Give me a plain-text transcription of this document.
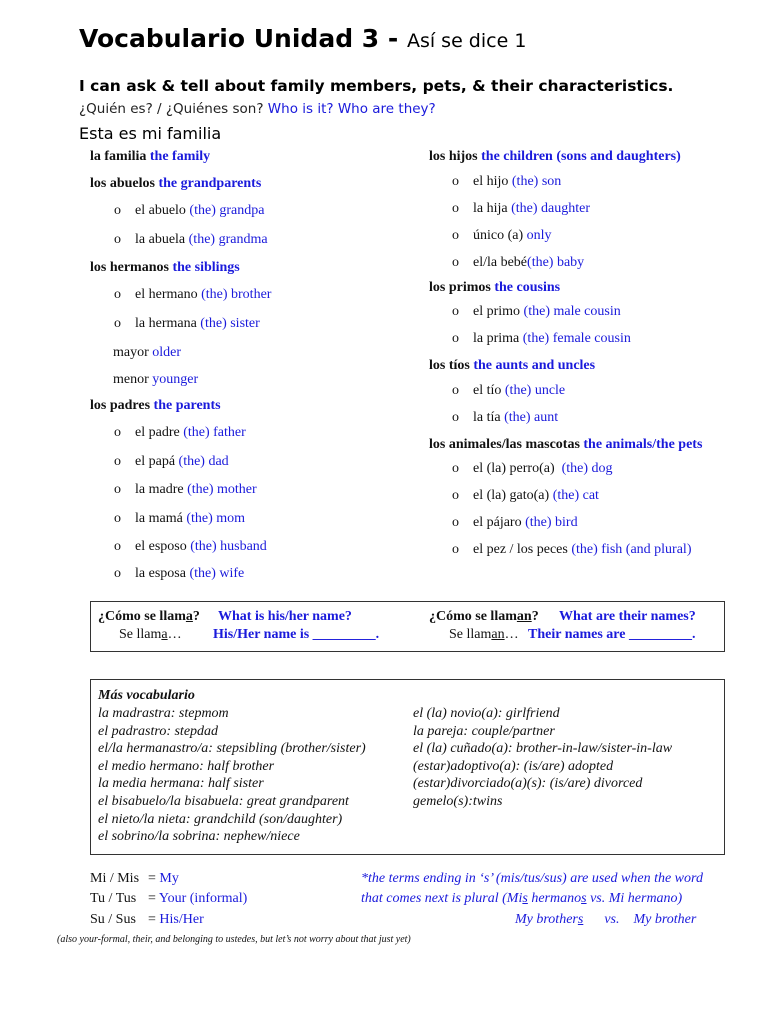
Vocabulario Unidad 3 - Así se dice 1
I can ask & tell about family members, pets, & their characteristics.
¿Quién es? / ¿Quiénes son? Who is it? Who are they?
Esta es mi familia
la familia the family
los abuelos the grandparents
o el abuelo (the) grandpa
o la abuela (the) grandma
los hermanos the siblings
o el hermano (the) brother
o la hermana (the) sister
mayor older
menor younger
los padres the parents
o el padre (the) father
o el papá (the) dad
o la madre (the) mother
o la mamá (the) mom
o el esposo (the) husband
o la esposa (the) wife
los hijos the children (sons and daughters)
o el hijo (the) son
o la hija (the) daughter
o único (a) only
o el/la bebé(the) baby
los primos the cousins
o el primo (the) male cousin
o la prima (the) female cousin
los tíos the aunts and uncles
o el tío (the) uncle
o la tía (the) aunt
los animales/las mascotas the animals/the pets
o el (la) perro(a)  (the) dog
o el (la) gato(a) (the) cat
o el pájaro (the) bird
o el pez / los peces (the) fish (and plural)
¿Cómo se llama? What is his/her name?
Se llama… His/Her name is _________.
¿Cómo se llaman? What are their names?
Se llaman… Their names are _________.
Más vocabulario
la madrastra: stepmom
el padrastro: stepdad
el/la hermanastro/a: stepsibling (brother/sister)
el medio hermano: half brother
la media hermana: half sister
el bisabuelo/la bisabuela: great grandparent
el nieto/la nieta: grandchild (son/daughter)
el sobrino/la sobrina: nephew/niece
el (la) novio(a): girlfriend
la pareja: couple/partner
el (la) cuñado(a): brother-in-law/sister-in-law
(estar)adoptivo(a): (is/are) adopted
(estar)divorciado(a)(s): (is/are) divorced
gemelo(s):twins
Mi / Mis = My
Tu / Tus = Your (informal)
Su / Sus = His/Her
*the terms ending in ‘s’ (mis/tus/sus) are used when the word
that comes next is plural (Mis hermanos vs. Mi hermano)
My brothers      vs.    My brother
(also your-formal, their, and belonging to ustedes, but let’s not worry about that just yet)
